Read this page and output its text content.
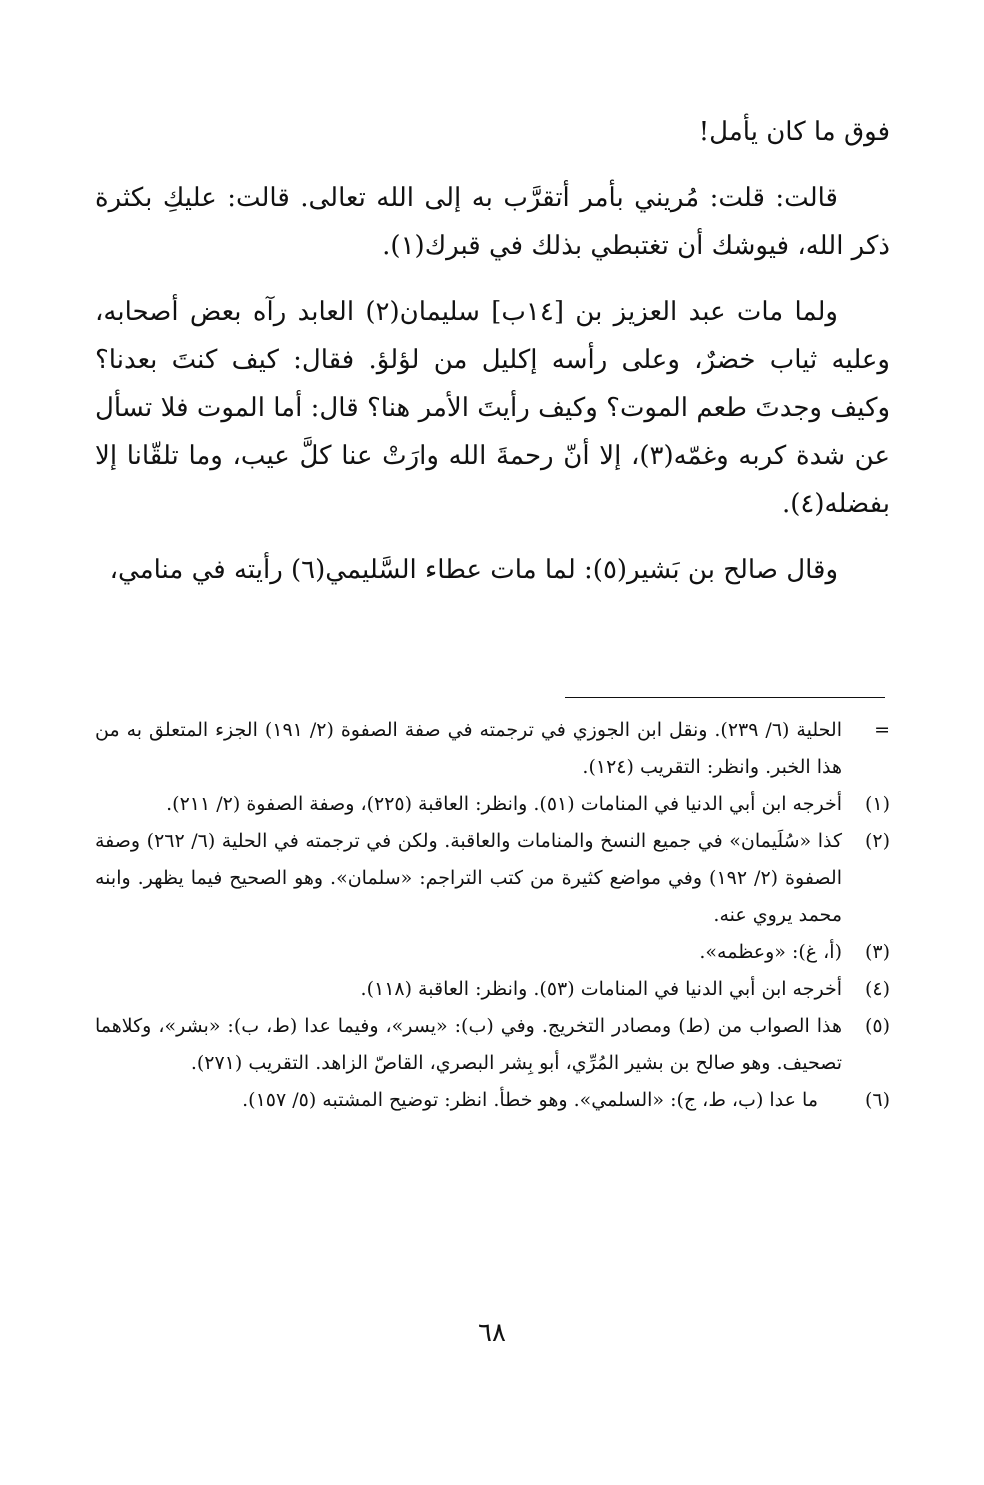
فوق ما كان يأمل!

قالت: قلت: مُريني بأمر أتقرَّب به إلى الله تعالى. قالت: عليكِ بكثرة ذكر الله، فيوشك أن تغتبطي بذلك في قبرك(١).

ولما مات عبد العزيز بن [١٤ب] سليمان(٢) العابد رآه بعض أصحابه، وعليه ثياب خضرٌ، وعلى رأسه إكليل من لؤلؤ. فقال: كيف كنتَ بعدنا؟ وكيف وجدتَ طعم الموت؟ وكيف رأيتَ الأمر هنا؟ قال: أما الموت فلا تسأل عن شدة كربه وغمّه(٣)، إلا أنّ رحمةَ الله وارَتْ عنا كلَّ عيب، وما تلقّانا إلا بفضله(٤).

وقال صالح بن بَشير(٥): لما مات عطاء السَّليمي(٦) رأيته في منامي،

=
الحلية (٦/ ٢٣٩). ونقل ابن الجوزي في ترجمته في صفة الصفوة (٢/ ١٩١) الجزء المتعلق به من هذا الخبر. وانظر: التقريب (١٢٤).
(١)
أخرجه ابن أبي الدنيا في المنامات (٥١). وانظر: العاقبة (٢٢٥)، وصفة الصفوة (٢/ ٢١١).
(٢)
كذا «سُلَيمان» في جميع النسخ والمنامات والعاقبة. ولكن في ترجمته في الحلية (٦/ ٢٦٢) وصفة الصفوة (٢/ ١٩٢) وفي مواضع كثيرة من كتب التراجم: «سلمان». وهو الصحيح فيما يظهر. وابنه محمد يروي عنه.
(٣)
(أ، غ): «وعظمه».
(٤)
أخرجه ابن أبي الدنيا في المنامات (٥٣). وانظر: العاقبة (١١٨).
(٥)
هذا الصواب من (ط) ومصادر التخريج. وفي (ب): «يسر»، وفيما عدا (ط، ب): «بشر»، وكلاهما تصحيف. وهو صالح بن بشير المُرِّي، أبو بِشر البصري، القاصّ الزاهد. التقريب (٢٧١).
(٦)
ما عدا (ب، ط، ج): «السلمي». وهو خطأ. انظر: توضيح المشتبه (٥/ ١٥٧).
٦٨
